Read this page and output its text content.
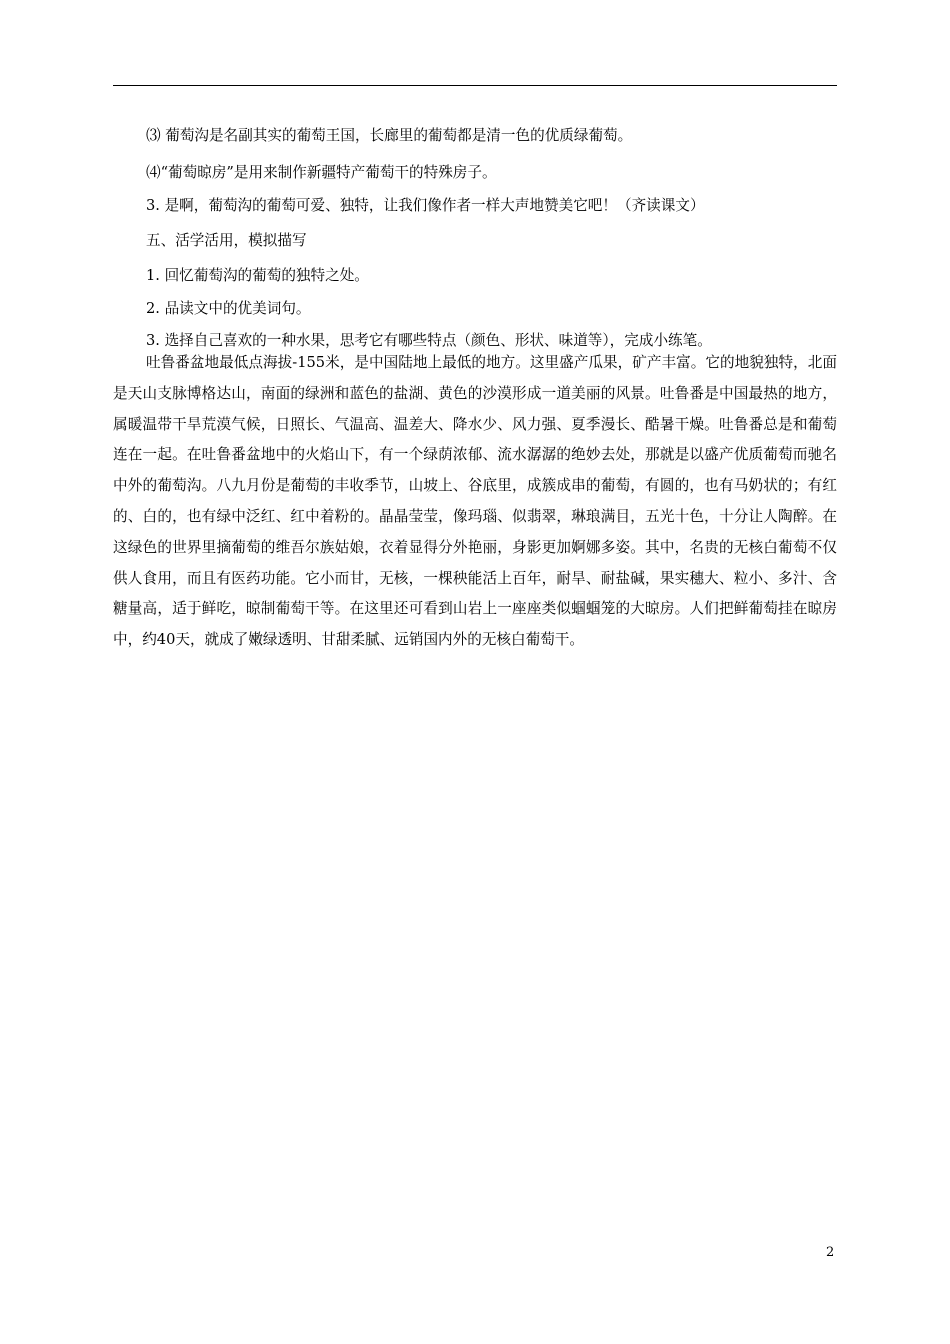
⑶ 葡萄沟是名副其实的葡萄王国，长廊里的葡萄都是清一色的优质绿葡萄。
⑷“葡萄晾房”是用来制作新疆特产葡萄干的特殊房子。
3. 是啊，葡萄沟的葡萄可爱、独特，让我们像作者一样大声地赞美它吧！（齐读课文）
五、活学活用，模拟描写
1. 回忆葡萄沟的葡萄的独特之处。
2. 品读文中的优美词句。
3. 选择自己喜欢的一种水果，思考它有哪些特点（颜色、形状、味道等），完成小练笔。

吐鲁番盆地最低点海拔-155米，是中国陆地上最低的地方。这里盛产瓜果，矿产丰富。它的地貌独特，北面是天山支脉博格达山，南面的绿洲和蓝色的盐湖、黄色的沙漠形成一道美丽的风景。吐鲁番是中国最热的地方，属暖温带干旱荒漠气候，日照长、气温高、温差大、降水少、风力强、夏季漫长、酷暑干燥。吐鲁番总是和葡萄连在一起。在吐鲁番盆地中的火焰山下，有一个绿荫浓郁、流水潺潺的绝妙去处，那就是以盛产优质葡萄而驰名中外的葡萄沟。八九月份是葡萄的丰收季节，山坡上、谷底里，成簇成串的葡萄，有圆的，也有马奶状的；有红的、白的，也有绿中泛红、红中着粉的。晶晶莹莹，像玛瑙、似翡翠，琳琅满目，五光十色，十分让人陶醉。在这绿色的世界里摘葡萄的维吾尔族姑娘，衣着显得分外艳丽，身影更加婀娜多姿。其中，名贵的无核白葡萄不仅供人食用，而且有医药功能。它小而甘，无核，一棵秧能活上百年，耐旱、耐盐碱，果实穗大、粒小、多汁、含糖量高，适于鲜吃，晾制葡萄干等。在这里还可看到山岩上一座座类似蝈蝈笼的大晾房。人们把鲜葡萄挂在晾房中，约40天，就成了嫩绿透明、甘甜柔腻、远销国内外的无核白葡萄干。

2
